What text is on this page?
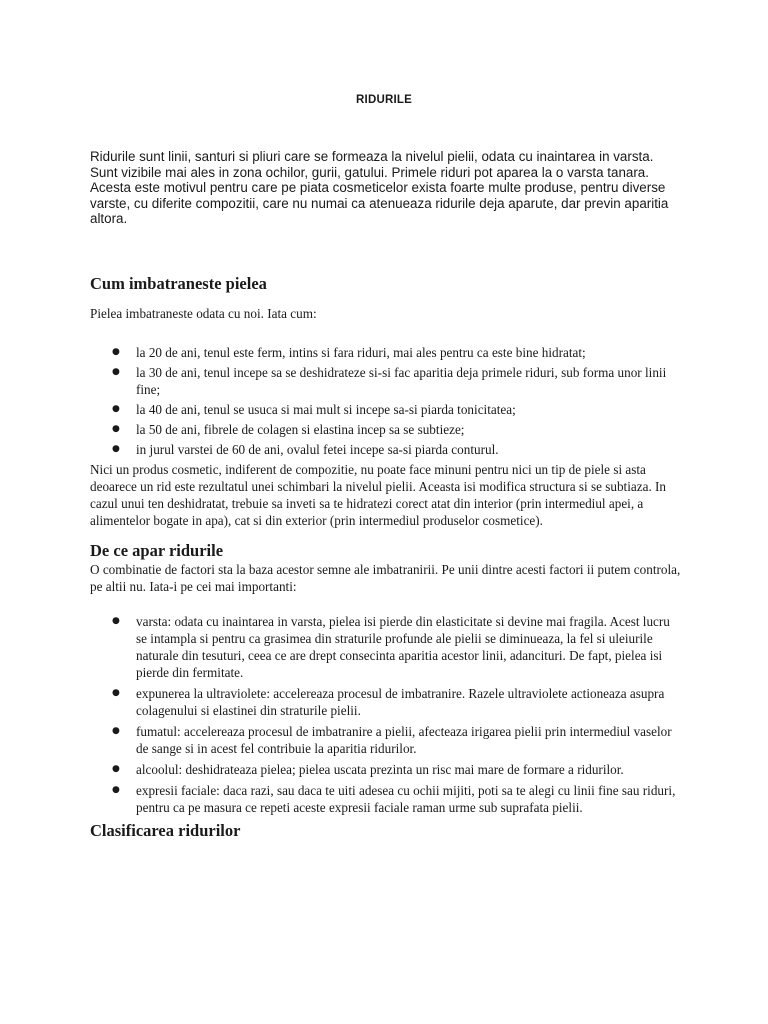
RIDURILE

Ridurile sunt linii, santuri si pliuri care se formeaza la nivelul pielii, odata cu inaintarea in varsta. Sunt vizibile mai ales in zona ochilor, gurii, gatului. Primele riduri pot aparea la o varsta tanara. Acesta este motivul pentru care pe piata cosmeticelor exista foarte multe produse, pentru diverse varste, cu diferite compozitii, care nu numai ca atenueaza ridurile deja aparute, dar previn aparitia altora.

Cum imbatraneste pielea

Pielea imbatraneste odata cu noi. Iata cum:

● la 20 de ani, tenul este ferm, intins si fara riduri, mai ales pentru ca este bine hidratat;
● la 30 de ani, tenul incepe sa se deshidrateze si-si fac aparitia deja primele riduri, sub forma unor linii fine;
● la 40 de ani, tenul se usuca si mai mult si incepe sa-si piarda tonicitatea;
● la 50 de ani, fibrele de colagen si elastina incep sa se subtieze;
● in jurul varstei de 60 de ani, ovalul fetei incepe sa-si piarda conturul.

Nici un produs cosmetic, indiferent de compozitie, nu poate face minuni pentru nici un tip de piele si asta deoarece un rid este rezultatul unei schimbari la nivelul pielii. Aceasta isi modifica structura si se subtiaza. In cazul unui ten deshidratat, trebuie sa inveti sa te hidratezi corect atat din interior (prin intermediul apei, a alimentelor bogate in apa), cat si din exterior (prin intermediul produselor cosmetice).

De ce apar ridurile

O combinatie de factori sta la baza acestor semne ale imbatranirii. Pe unii dintre acesti factori ii putem controla, pe altii nu. Iata-i pe cei mai importanti:

● varsta: odata cu inaintarea in varsta, pielea isi pierde din elasticitate si devine mai fragila. Acest lucru se intampla si pentru ca grasimea din straturile profunde ale pielii se diminueaza, la fel si uleiurile naturale din tesuturi, ceea ce are drept consecinta aparitia acestor linii, adancituri. De fapt, pielea isi pierde din fermitate.
● expunerea la ultraviolete: accelereaza procesul de imbatranire. Razele ultraviolete actioneaza asupra colagenului si elastinei din straturile pielii.
● fumatul: accelereaza procesul de imbatranire a pielii, afecteaza irigarea pielii prin intermediul vaselor de sange si in acest fel contribuie la aparitia ridurilor.
● alcoolul: deshidrateaza pielea; pielea uscata prezinta un risc mai mare de formare a ridurilor.
● expresii faciale: daca razi, sau daca te uiti adesea cu ochii mijiti, poti sa te alegi cu linii fine sau riduri, pentru ca pe masura ce repeti aceste expresii faciale raman urme sub suprafata pielii.
Clasificarea ridurilor
